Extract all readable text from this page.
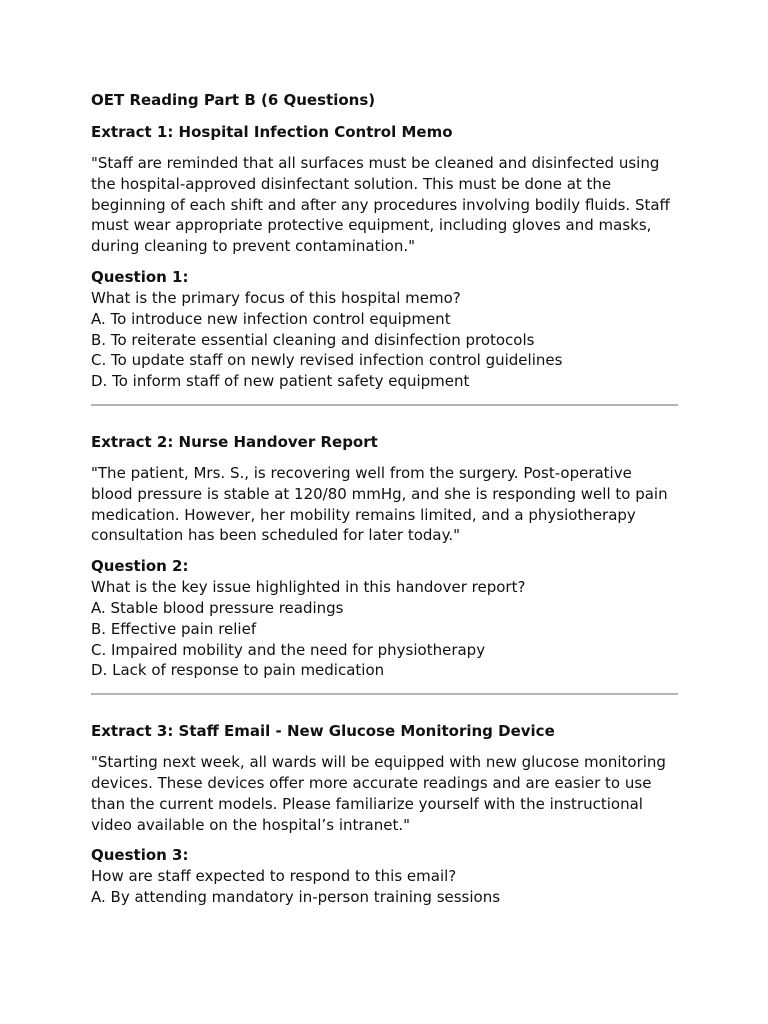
OET Reading Part B (6 Questions)
Extract 1: Hospital Infection Control Memo
"Staff are reminded that all surfaces must be cleaned and disinfected using the hospital-approved disinfectant solution. This must be done at the beginning of each shift and after any procedures involving bodily fluids. Staff must wear appropriate protective equipment, including gloves and masks, during cleaning to prevent contamination."
Question 1:
What is the primary focus of this hospital memo?
A. To introduce new infection control equipment
B. To reiterate essential cleaning and disinfection protocols
C. To update staff on newly revised infection control guidelines
D. To inform staff of new patient safety equipment
Extract 2: Nurse Handover Report
"The patient, Mrs. S., is recovering well from the surgery. Post-operative blood pressure is stable at 120/80 mmHg, and she is responding well to pain medication. However, her mobility remains limited, and a physiotherapy consultation has been scheduled for later today."
Question 2:
What is the key issue highlighted in this handover report?
A. Stable blood pressure readings
B. Effective pain relief
C. Impaired mobility and the need for physiotherapy
D. Lack of response to pain medication
Extract 3: Staff Email - New Glucose Monitoring Device
"Starting next week, all wards will be equipped with new glucose monitoring devices. These devices offer more accurate readings and are easier to use than the current models. Please familiarize yourself with the instructional video available on the hospital’s intranet."
Question 3:
How are staff expected to respond to this email?
A. By attending mandatory in-person training sessions
